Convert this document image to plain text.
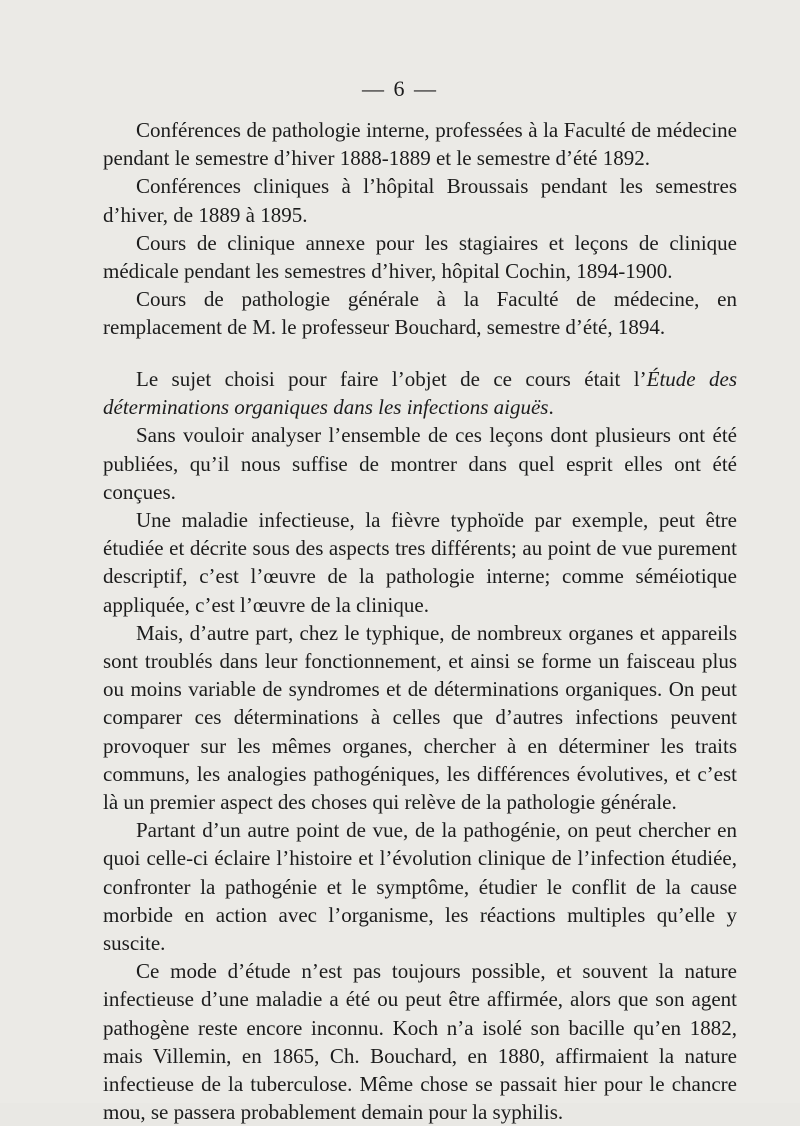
— 6 —

Conférences de pathologie interne, professées à la Faculté de médecine pendant le semestre d’hiver 1888-1889 et le semestre d’été 1892.

Conférences cliniques à l’hôpital Broussais pendant les semestres d’hiver, de 1889 à 1895.

Cours de clinique annexe pour les stagiaires et leçons de clinique médicale pendant les semestres d’hiver, hôpital Cochin, 1894-1900.

Cours de pathologie générale à la Faculté de médecine, en remplacement de M. le professeur Bouchard, semestre d’été, 1894.

Le sujet choisi pour faire l’objet de ce cours était l’Étude des déterminations organiques dans les infections aiguës.

Sans vouloir analyser l’ensemble de ces leçons dont plusieurs ont été publiées, qu’il nous suffise de montrer dans quel esprit elles ont été conçues.

Une maladie infectieuse, la fièvre typhoïde par exemple, peut être étudiée et décrite sous des aspects tres différents; au point de vue purement descriptif, c’est l’œuvre de la pathologie interne; comme séméiotique appliquée, c’est l’œuvre de la clinique.

Mais, d’autre part, chez le typhique, de nombreux organes et appareils sont troublés dans leur fonctionnement, et ainsi se forme un faisceau plus ou moins variable de syndromes et de déterminations organiques. On peut comparer ces déterminations à celles que d’autres infections peuvent provoquer sur les mêmes organes, chercher à en déterminer les traits communs, les analogies pathogéniques, les différences évolutives, et c’est là un premier aspect des choses qui relève de la pathologie générale.

Partant d’un autre point de vue, de la pathogénie, on peut chercher en quoi celle-ci éclaire l’histoire et l’évolution clinique de l’infection étudiée, confronter la pathogénie et le symptôme, étudier le conflit de la cause morbide en action avec l’organisme, les réactions multiples qu’elle y suscite.

Ce mode d’étude n’est pas toujours possible, et souvent la nature infectieuse d’une maladie a été ou peut être affirmée, alors que son agent pathogène reste encore inconnu. Koch n’a isolé son bacille qu’en 1882, mais Villemin, en 1865, Ch. Bouchard, en 1880, affirmaient la nature infectieuse de la tuberculose. Même chose se passait hier pour le chancre mou, se passera probablement demain pour la syphilis.
